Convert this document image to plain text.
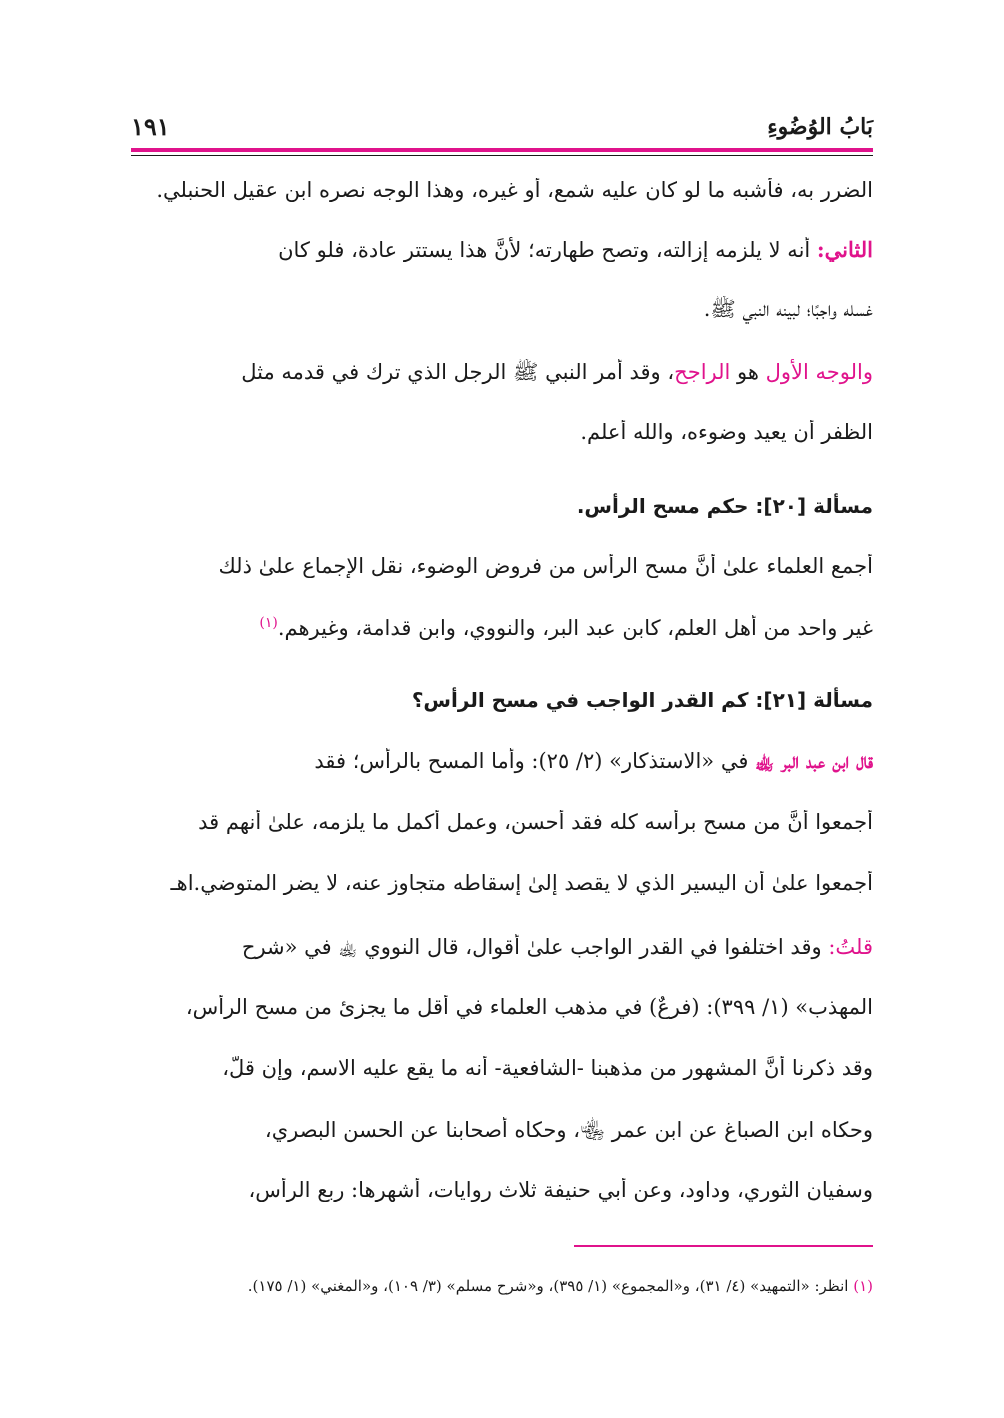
بَابُ الوُضُوءِ
١٩١
الضرر به، فأشبه ما لو كان عليه شمع، أو غيره، وهذا الوجه نصره ابن عقيل الحنبلي.
الثاني: أنه لا يلزمه إزالته، وتصح طهارته؛ لأنَّ هذا يستتر عادة، فلو كان
غسله واجبًا؛ لبينه النبي ﷺ.
والوجه الأول هو الراجح، وقد أمر النبي ﷺ الرجل الذي ترك في قدمه مثل
الظفر أن يعيد وضوءه، والله أعلم.
مسألة [٢٠]: حكم مسح الرأس.
أجمع العلماء علىٰ أنَّ مسح الرأس من فروض الوضوء، نقل الإجماع علىٰ ذلك
غير واحد من أهل العلم، كابن عبد البر، والنووي، وابن قدامة، وغيرهم.$^{(١)}$
مسألة [٢١]: كم القدر الواجب في مسح الرأس؟
قال ابن عبد البر ﵀ في «الاستذكار» (٢/ ٢٥): وأما المسح بالرأس؛ فقد
أجمعوا أنَّ من مسح برأسه كله فقد أحسن، وعمل أكمل ما يلزمه، علىٰ أنهم قد
أجمعوا علىٰ أن اليسير الذي لا يقصد إلىٰ إسقاطه متجاوز عنه، لا يضر المتوضي.اهـ
قلتُ: وقد اختلفوا في القدر الواجب علىٰ أقوال، قال النووي ﵀ في «شرح
المهذب» (١/ ٣٩٩): (فرعٌ) في مذهب العلماء في أقل ما يجزئ من مسح الرأس،
وقد ذكرنا أنَّ المشهور من مذهبنا -الشافعية- أنه ما يقع عليه الاسم، وإن قلَّ،
وحكاه ابن الصباغ عن ابن عمر ﵄، وحكاه أصحابنا عن الحسن البصري،
وسفيان الثوري، وداود، وعن أبي حنيفة ثلاث روايات، أشهرها: ربع الرأس،
(١) انظر: «التمهيد» (٤/ ٣١)، و«المجموع» (١/ ٣٩٥)، و«شرح مسلم» (٣/ ١٠٩)، و«المغني» (١/ ١٧٥).
